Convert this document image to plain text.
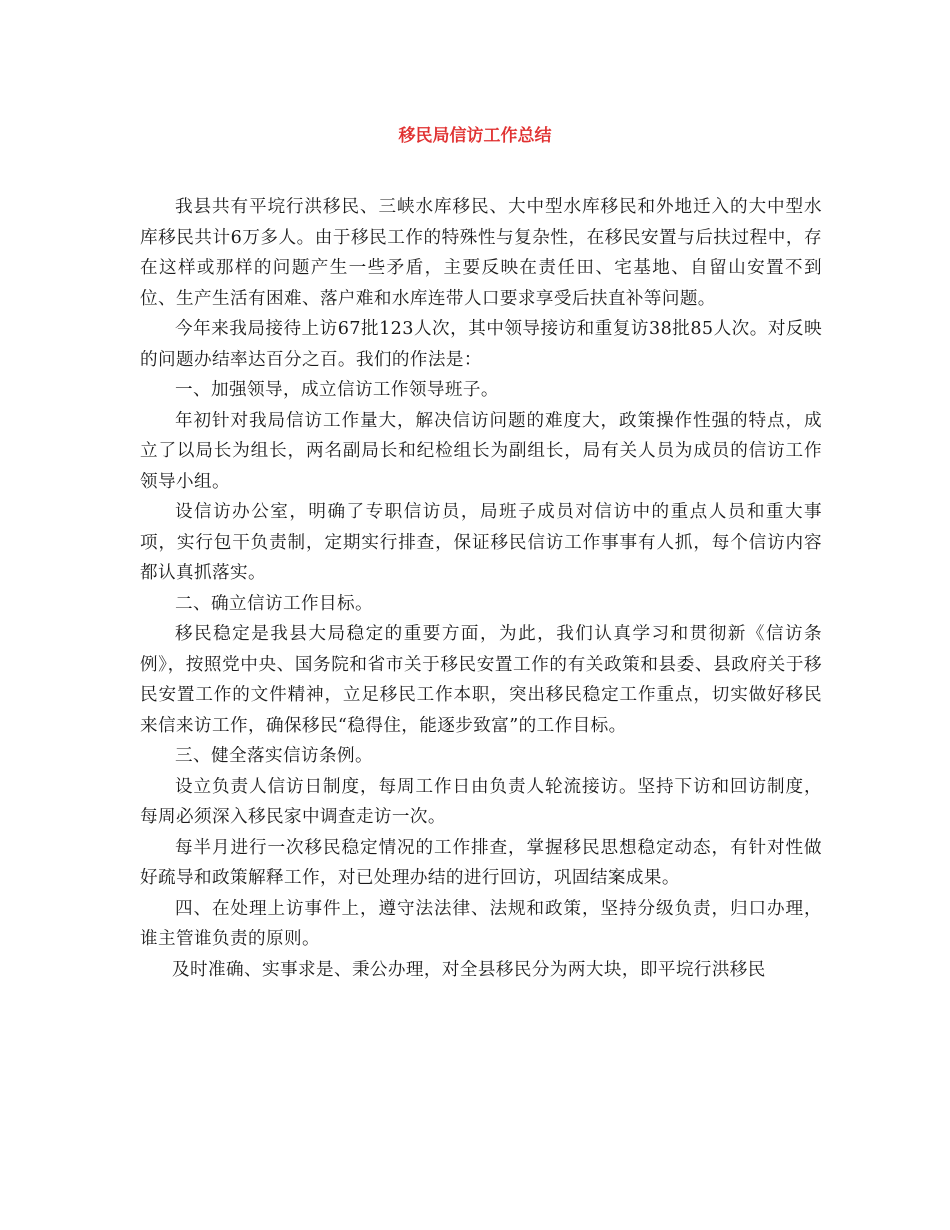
移民局信访工作总结

我县共有平垸行洪移民、三峡水库移民、大中型水库移民和外地迁入的大中型水库移民共计6万多人。由于移民工作的特殊性与复杂性，在移民安置与后扶过程中，存在这样或那样的问题产生一些矛盾，主要反映在责任田、宅基地、自留山安置不到位、生产生活有困难、落户难和水库连带人口要求享受后扶直补等问题。

今年来我局接待上访67批123人次，其中领导接访和重复访38批85人次。对反映的问题办结率达百分之百。我们的作法是：

一、加强领导，成立信访工作领导班子。

年初针对我局信访工作量大，解决信访问题的难度大，政策操作性强的特点，成立了以局长为组长，两名副局长和纪检组长为副组长，局有关人员为成员的信访工作领导小组。

设信访办公室，明确了专职信访员，局班子成员对信访中的重点人员和重大事项，实行包干负责制，定期实行排查，保证移民信访工作事事有人抓，每个信访内容都认真抓落实。

二、确立信访工作目标。

移民稳定是我县大局稳定的重要方面，为此，我们认真学习和贯彻新《信访条例》，按照党中央、国务院和省市关于移民安置工作的有关政策和县委、县政府关于移民安置工作的文件精神，立足移民工作本职，突出移民稳定工作重点，切实做好移民来信来访工作，确保移民“稳得住，能逐步致富”的工作目标。

三、健全落实信访条例。

设立负责人信访日制度，每周工作日由负责人轮流接访。坚持下访和回访制度，每周必须深入移民家中调查走访一次。

每半月进行一次移民稳定情况的工作排查，掌握移民思想稳定动态，有针对性做好疏导和政策解释工作，对已处理办结的进行回访，巩固结案成果。

四、在处理上访事件上，遵守法法律、法规和政策，坚持分级负责，归口办理，谁主管谁负责的原则。

及时准确、实事求是、秉公办理，对全县移民分为两大块，即平垸行洪移民
